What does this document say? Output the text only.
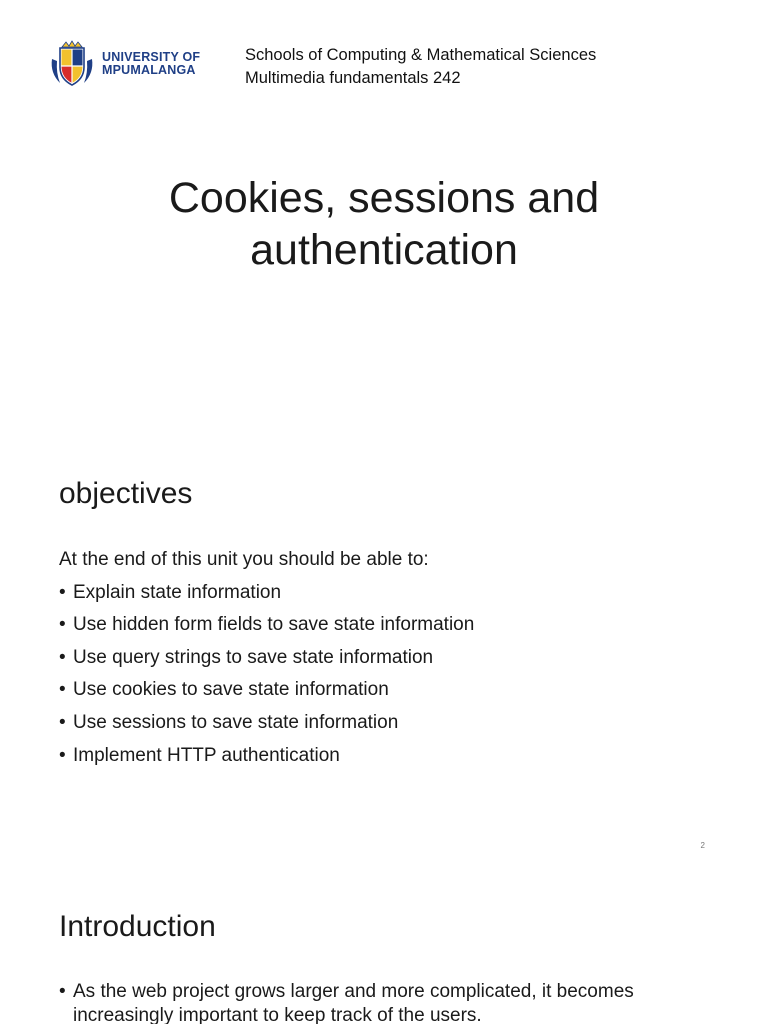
UNIVERSITY OF
MPUMALANGA
Schools of Computing & Mathematical Sciences
Multimedia fundamentals 242
Cookies, sessions and
authentication
objectives
At the end of this unit you should be able to:
• Explain state information
• Use hidden form fields to save state information
• Use query strings to save state information
• Use cookies to save state information
• Use sessions to save state information
• Implement HTTP authentication
2
Introduction
• As the web project grows larger and more complicated, it becomes
increasingly important to keep track of the users.
